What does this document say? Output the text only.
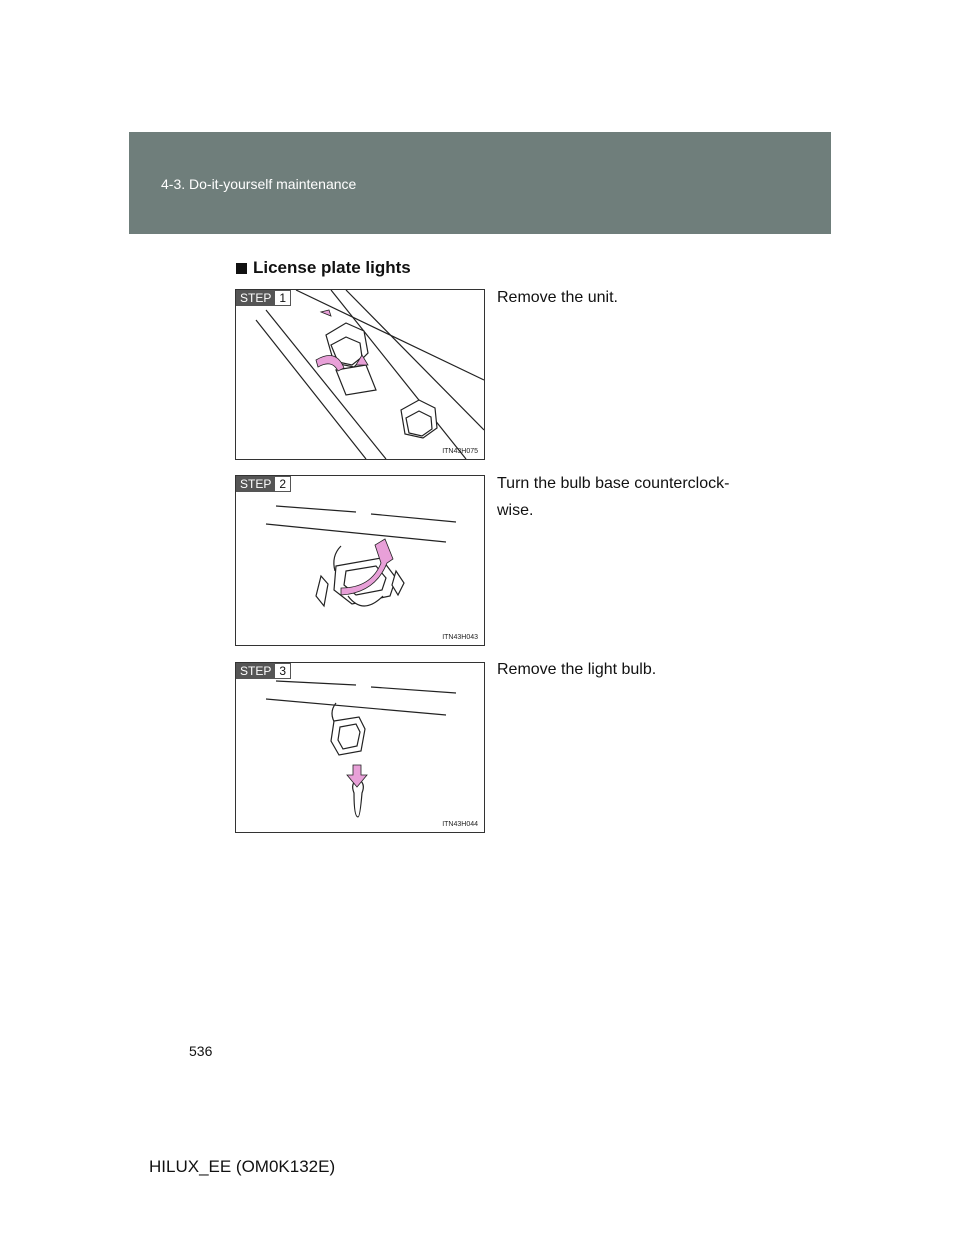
4-3. Do-it-yourself maintenance
License plate lights
STEP 1
ITN43H075
Remove the unit.
STEP 2
ITN43H043
Turn the bulb base counterclock-wise.
STEP 3
ITN43H044
Remove the light bulb.
536
HILUX_EE (OM0K132E)
